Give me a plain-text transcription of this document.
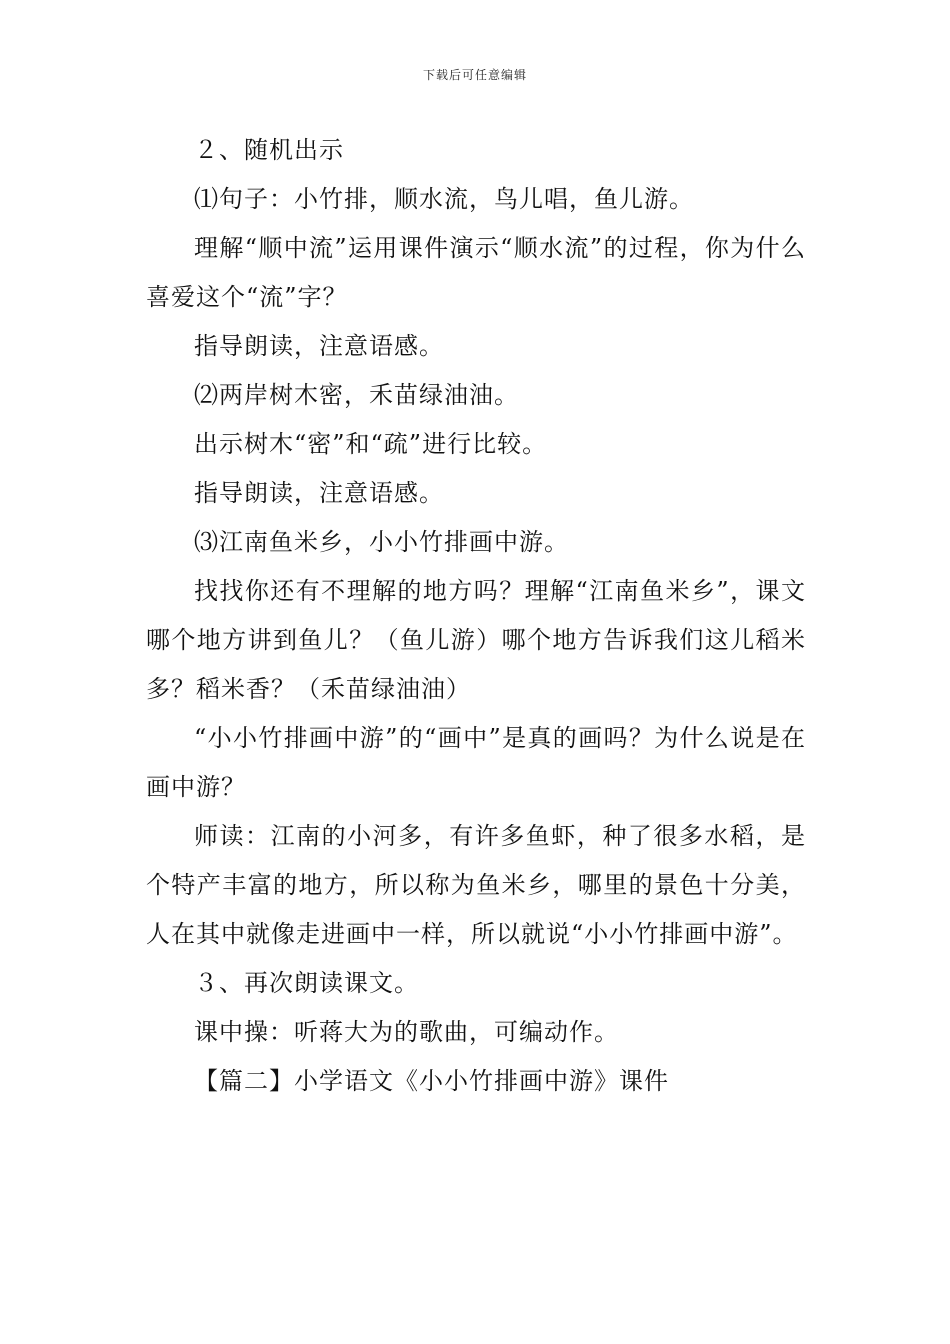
下载后可任意编辑

２、随机出示

⑴句子：小竹排，顺水流，鸟儿唱，鱼儿游。

理解“顺中流”运用课件演示“顺水流”的过程，你为什么喜爱这个“流”字？

指导朗读，注意语感。

⑵两岸树木密，禾苗绿油油。

出示树木“密”和“疏”进行比较。

指导朗读，注意语感。

⑶江南鱼米乡，小小竹排画中游。

找找你还有不理解的地方吗？理解“江南鱼米乡”，课文哪个地方讲到鱼儿？（鱼儿游）哪个地方告诉我们这儿稻米多？稻米香？（禾苗绿油油）

“小小竹排画中游”的“画中”是真的画吗？为什么说是在画中游？

师读：江南的小河多，有许多鱼虾，种了很多水稻，是个特产丰富的地方，所以称为鱼米乡，哪里的景色十分美，人在其中就像走进画中一样，所以就说“小小竹排画中游”。

３、再次朗读课文。

课中操：听蒋大为的歌曲，可编动作。

【篇二】小学语文《小小竹排画中游》课件
